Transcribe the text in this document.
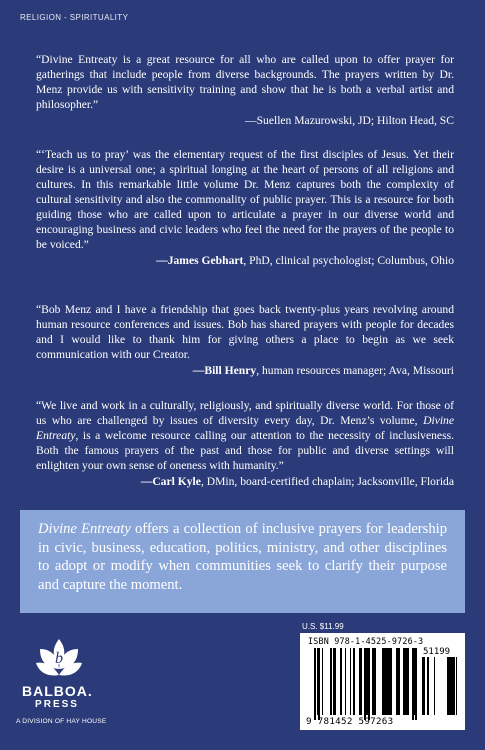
RELIGION - SPIRITUALITY

“Divine Entreaty is a great resource for all who are called upon to offer prayer for gatherings that include people from diverse backgrounds. The prayers written by Dr. Menz provide us with sensitivity training and show that he is both a verbal artist and philosopher.”

—Suellen Mazurowski, JD; Hilton Head, SC

“‘Teach us to pray’ was the elementary request of the first disciples of Jesus. Yet their desire is a universal one; a spiritual longing at the heart of persons of all religions and cultures. In this remarkable little volume Dr. Menz captures both the complexity of cultural sensitivity and also the commonality of public prayer. This is a resource for both guiding those who are called upon to articulate a prayer in our diverse world and encouraging business and civic leaders who feel the need for the prayers of the people to be voiced.”

—James Gebhart, PhD, clinical psychologist; Columbus, Ohio

“Bob Menz and I have a friendship that goes back twenty-plus years revolving around human resource conferences and issues. Bob has shared prayers with people for decades and I would like to thank him for giving others a place to begin as we seek communication with our Creator.

—Bill Henry, human resources manager; Ava, Missouri

“We live and work in a culturally, religiously, and spiritually diverse world. For those of us who are challenged by issues of diversity every day, Dr. Menz’s volume, Divine Entreaty, is a welcome resource calling our attention to the necessity of inclusiveness. Both the famous prayers of the past and those for public and diverse settings will enlighten your own sense of oneness with humanity.”

—Carl Kyle, DMin, board-certified chaplain; Jacksonville, Florida
Divine Entreaty offers a collection of inclusive prayers for leadership in civic, business, education, politics, ministry, and other disciplines to adopt or modify when communities seek to clarify their purpose and capture the moment.
U.S. $11.99
ISBN 978-1-4525-9726-3
51199
9 781452 597263
b
BALBOA.
PRESS
A DIVISION OF HAY HOUSE
